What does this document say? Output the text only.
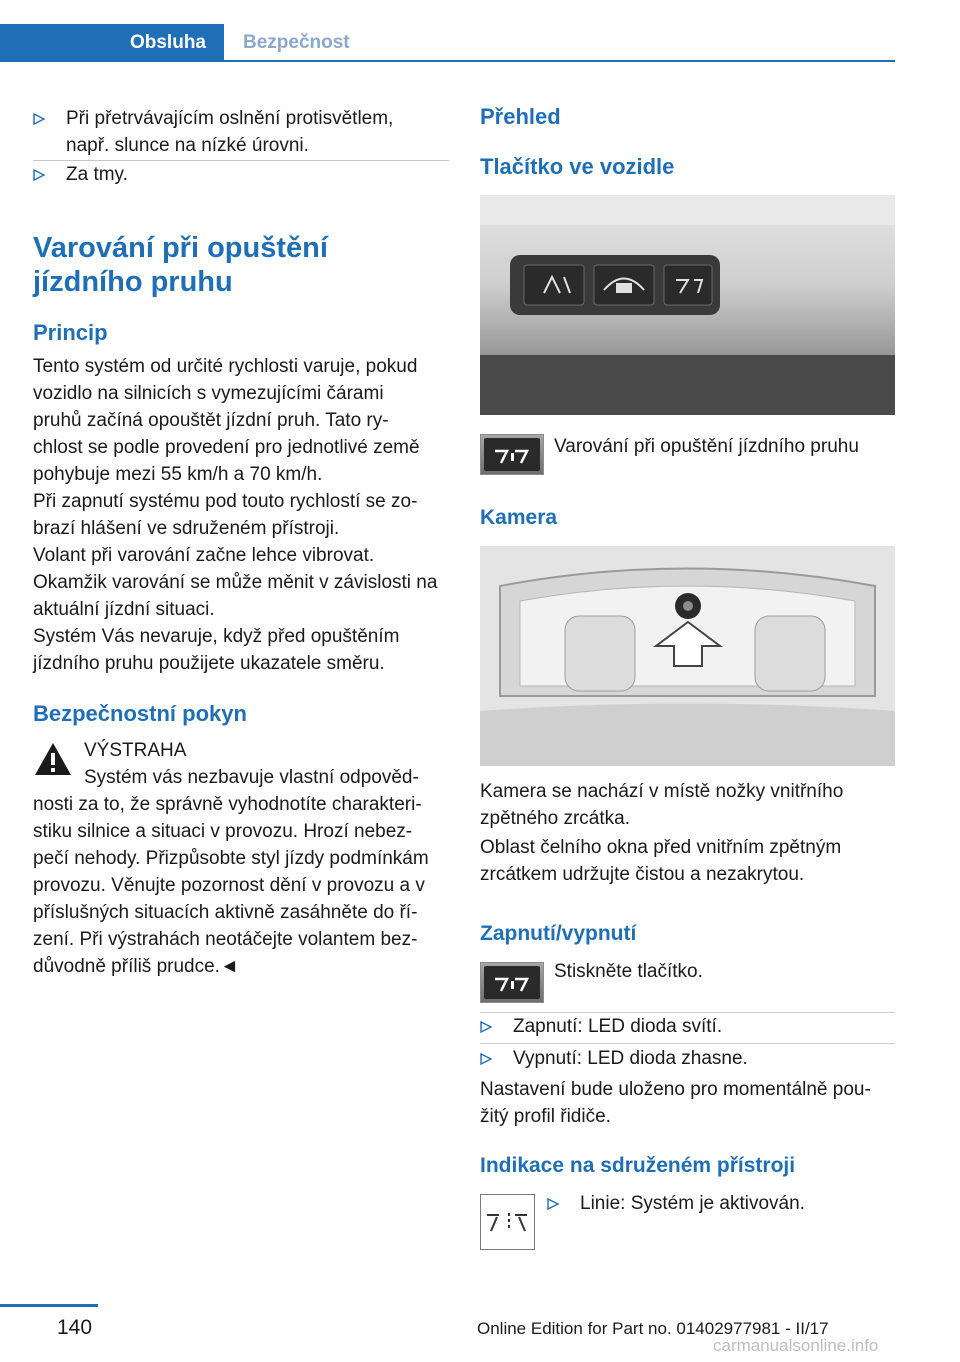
Obsluha	Bezpečnost
Při přetrvávajícím oslnění protisvětlem,
např. slunce na nízké úrovni.
Za tmy.
Varování při opuštění
jízdního pruhu
Princip
Tento systém od určité rychlosti varuje, pokud
vozidlo na silnicích s vymezujícími čárami
pruhů začíná opouštět jízdní pruh. Tato ry-
chlost se podle provedení pro jednotlivé země
pohybuje mezi 55 km/h a 70 km/h.
Při zapnutí systému pod touto rychlostí se zo-
brazí hlášení ve sdruženém přístroji.
Volant při varování začne lehce vibrovat.
Okamžik varování se může měnit v závislosti na
aktuální jízdní situaci.
Systém Vás nevaruje, když před opuštěním
jízdního pruhu použijete ukazatele směru.
Bezpečnostní pokyn
VÝSTRAHA
Systém vás nezbavuje vlastní odpověd-
nosti za to, že správně vyhodnotíte charakteri-
stiku silnice a situaci v provozu. Hrozí nebez-
pečí nehody. Přizpůsobte styl jízdy podmínkám
provozu. Věnujte pozornost dění v provozu a v
příslušných situacích aktivně zasáhněte do ří-
zení. Při výstrahách neotáčejte volantem bez-
důvodně příliš prudce.◄
Přehled
Tlačítko ve vozidle
Varování při opuštění jízdního pruhu
Kamera
Kamera se nachází v místě nožky vnitřního
zpětného zrcátka.
Oblast čelního okna před vnitřním zpětným
zrcátkem udržujte čistou a nezakrytou.
Zapnutí/vypnutí
Stiskněte tlačítko.
Zapnutí: LED dioda svítí.
Vypnutí: LED dioda zhasne.
Nastavení bude uloženo pro momentálně pou-
žitý profil řidiče.
Indikace na sdruženém přístroji
Linie: Systém je aktivován.
140	Online Edition for Part no. 01402977981 - II/17
carmanualsonline.info
